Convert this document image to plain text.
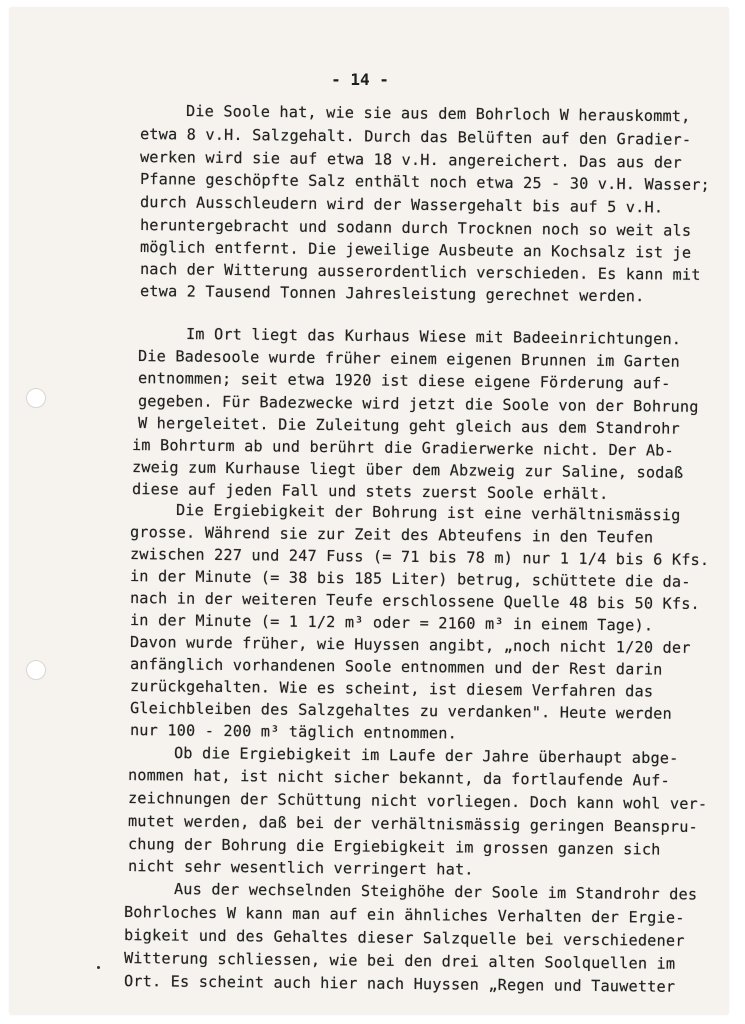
- 14 -
Die Soole hat, wie sie aus dem Bohrloch W herauskommt,
etwa 8 v.H. Salzgehalt. Durch das Belüften auf den Gradier-
werken wird sie auf etwa 18 v.H. angereichert. Das aus der
Pfanne geschöpfte Salz enthält noch etwa 25 - 30 v.H. Wasser;
durch Ausschleudern wird der Wassergehalt bis auf 5 v.H.
heruntergebracht und sodann durch Trocknen noch so weit als
möglich entfernt. Die jeweilige Ausbeute an Kochsalz ist je
nach der Witterung ausserordentlich verschieden. Es kann mit
etwa 2 Tausend Tonnen Jahresleistung gerechnet werden.
Im Ort liegt das Kurhaus Wiese mit Badeeinrichtungen.
Die Badesoole wurde früher einem eigenen Brunnen im Garten
entnommen; seit etwa 1920 ist diese eigene Förderung auf-
gegeben. Für Badezwecke wird jetzt die Soole von der Bohrung
W hergeleitet. Die Zuleitung geht gleich aus dem Standrohr
im Bohrturm ab und berührt die Gradierwerke nicht. Der Ab-
zweig zum Kurhause liegt über dem Abzweig zur Saline, sodaß
diese auf jeden Fall und stets zuerst Soole erhält.
Die Ergiebigkeit der Bohrung ist eine verhältnismässig
grosse. Während sie zur Zeit des Abteufens in den Teufen
zwischen 227 und 247 Fuss (= 71 bis 78 m) nur 1 1/4 bis 6 Kfs.
in der Minute (= 38 bis 185 Liter) betrug, schüttete die da-
nach in der weiteren Teufe erschlossene Quelle 48 bis 50 Kfs.
in der Minute (= 1 1/2 m³ oder = 2160 m³ in einem Tage).
Davon wurde früher, wie Huyssen angibt, „noch nicht 1/20 der
anfänglich vorhandenen Soole entnommen und der Rest darin
zurückgehalten. Wie es scheint, ist diesem Verfahren das
Gleichbleiben des Salzgehaltes zu verdanken". Heute werden
nur 100 - 200 m³ täglich entnommen.
Ob die Ergiebigkeit im Laufe der Jahre überhaupt abge-
nommen hat, ist nicht sicher bekannt, da fortlaufende Auf-
zeichnungen der Schüttung nicht vorliegen. Doch kann wohl ver-
mutet werden, daß bei der verhältnismässig geringen Beanspru-
chung der Bohrung die Ergiebigkeit im grossen ganzen sich
nicht sehr wesentlich verringert hat.
Aus der wechselnden Steighöhe der Soole im Standrohr des
Bohrloches W kann man auf ein ähnliches Verhalten der Ergie-
bigkeit und des Gehaltes dieser Salzquelle bei verschiedener
Witterung schliessen, wie bei den drei alten Soolquellen im
Ort. Es scheint auch hier nach Huyssen „Regen und Tauwetter
